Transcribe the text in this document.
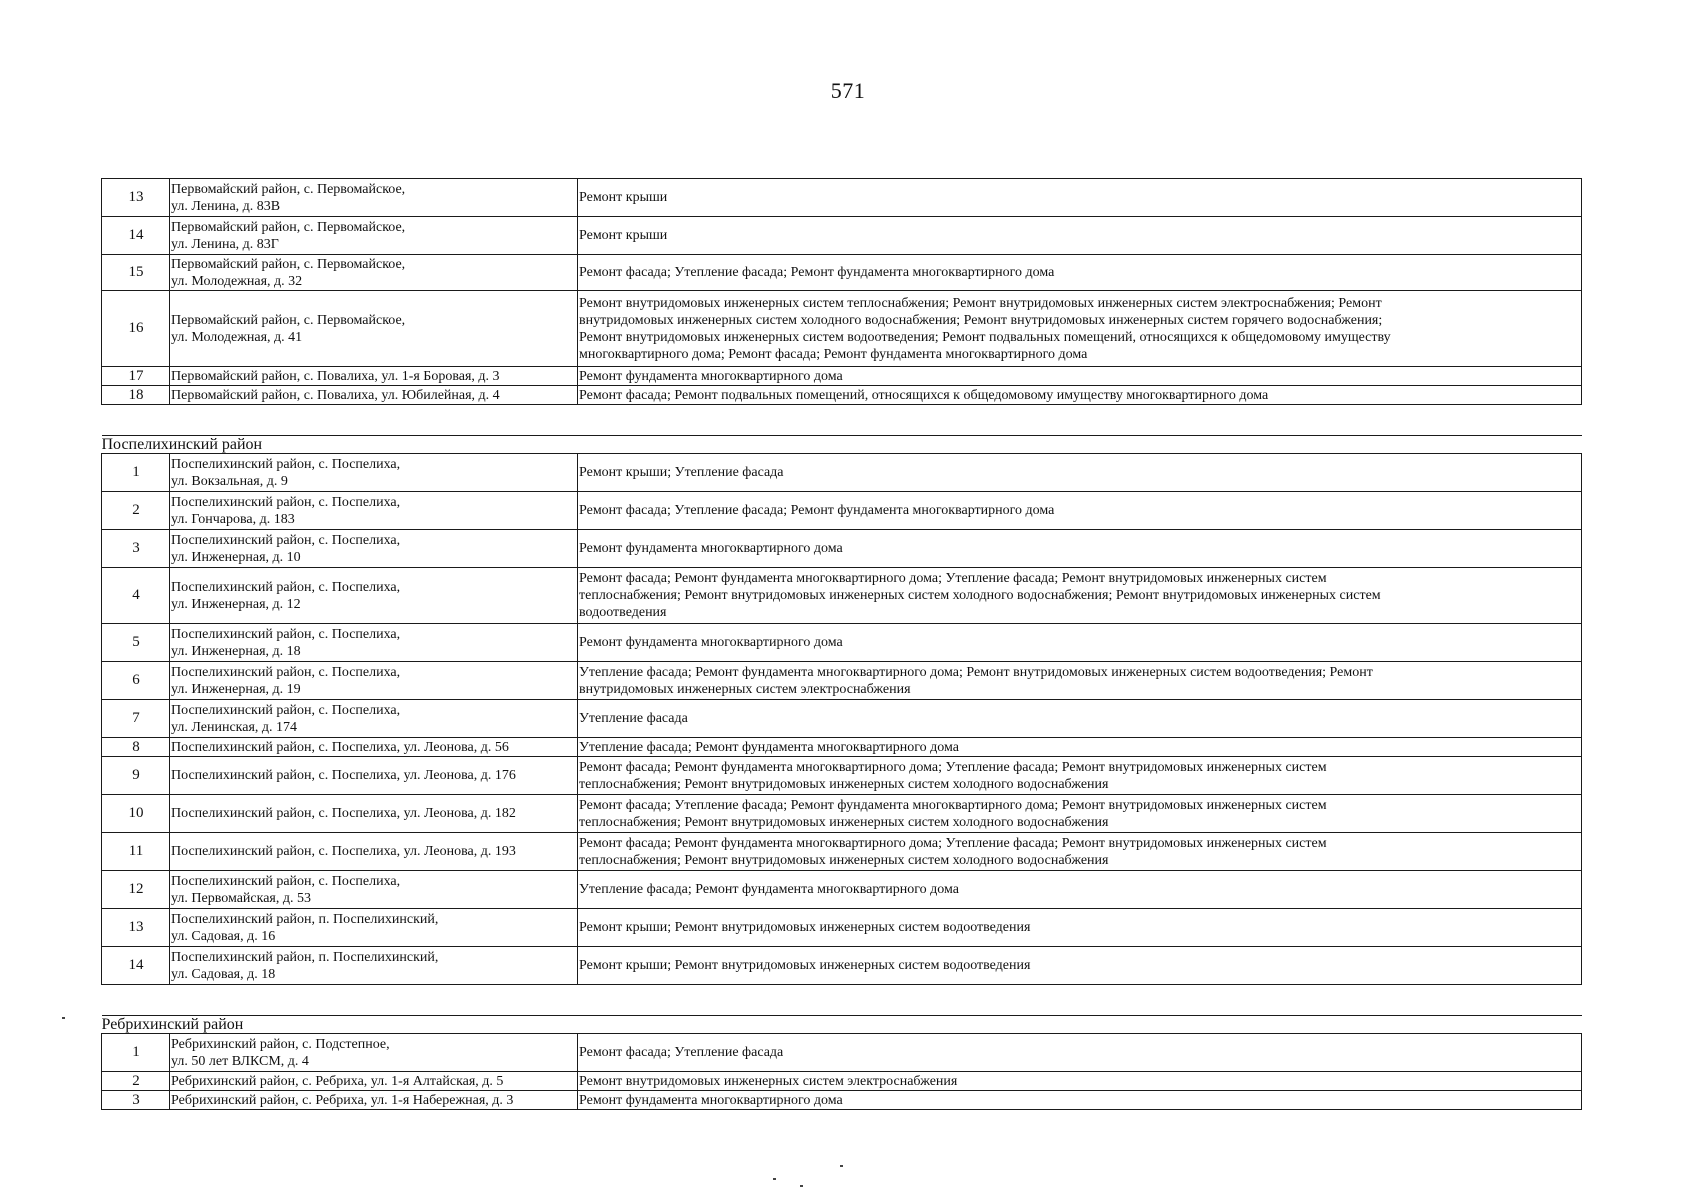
571
13	Первомайский район, с. Первомайское,
ул. Ленина, д. 83В	Ремонт крыши

14	Первомайский район, с. Первомайское,
ул. Ленина, д. 83Г	Ремонт крыши

15	Первомайский район, с. Первомайское,
ул. Молодежная, д. 32	Ремонт фасада; Утепление фасада; Ремонт фундамента многоквартирного дома

16	Первомайский район, с. Первомайское,
ул. Молодежная, д. 41	Ремонт внутридомовых инженерных систем теплоснабжения; Ремонт внутридомовых инженерных систем электроснабжения; Ремонт
внутридомовых инженерных систем холодного водоснабжения; Ремонт внутридомовых инженерных систем горячего водоснабжения;
Ремонт внутридомовых инженерных систем водоотведения; Ремонт подвальных помещений, относящихся к общедомовому имуществу
многоквартирного дома; Ремонт фасада; Ремонт фундамента многоквартирного дома

17	Первомайский район, с. Повалиха, ул. 1-я Боровая, д. 3	Ремонт фундамента многоквартирного дома

18	Первомайский район, с. Повалиха, ул. Юбилейная, д. 4	Ремонт фасада; Ремонт подвальных помещений, относящихся к общедомовому имуществу многоквартирного дома

Поспелихинский район		
1	Поспелихинский район, с. Поспелиха,
ул. Вокзальная, д. 9	Ремонт крыши; Утепление фасада

2	Поспелихинский район, с. Поспелиха,
ул. Гончарова, д. 183	Ремонт фасада; Утепление фасада; Ремонт фундамента многоквартирного дома

3	Поспелихинский район, с. Поспелиха,
ул. Инженерная, д. 10	Ремонт фундамента многоквартирного дома

4	Поспелихинский район, с. Поспелиха,
ул. Инженерная, д. 12	Ремонт фасада; Ремонт фундамента многоквартирного дома; Утепление фасада; Ремонт внутридомовых инженерных систем
теплоснабжения; Ремонт внутридомовых инженерных систем холодного водоснабжения; Ремонт внутридомовых инженерных систем
водоотведения

5	Поспелихинский район, с. Поспелиха,
ул. Инженерная, д. 18	Ремонт фундамента многоквартирного дома

6	Поспелихинский район, с. Поспелиха,
ул. Инженерная, д. 19	Утепление фасада; Ремонт фундамента многоквартирного дома; Ремонт внутридомовых инженерных систем водоотведения; Ремонт
внутридомовых инженерных систем электроснабжения

7	Поспелихинский район, с. Поспелиха,
ул. Ленинская, д. 174	Утепление фасада

8	Поспелихинский район, с. Поспелиха, ул. Леонова, д. 56	Утепление фасада; Ремонт фундамента многоквартирного дома

9	Поспелихинский район, с. Поспелиха, ул. Леонова, д. 176	Ремонт фасада; Ремонт фундамента многоквартирного дома; Утепление фасада; Ремонт внутридомовых инженерных систем
теплоснабжения; Ремонт внутридомовых инженерных систем холодного водоснабжения

10	Поспелихинский район, с. Поспелиха, ул. Леонова, д. 182	Ремонт фасада; Утепление фасада; Ремонт фундамента многоквартирного дома; Ремонт внутридомовых инженерных систем
теплоснабжения; Ремонт внутридомовых инженерных систем холодного водоснабжения

11	Поспелихинский район, с. Поспелиха, ул. Леонова, д. 193	Ремонт фасада; Ремонт фундамента многоквартирного дома; Утепление фасада; Ремонт внутридомовых инженерных систем
теплоснабжения; Ремонт внутридомовых инженерных систем холодного водоснабжения

12	Поспелихинский район, с. Поспелиха,
ул. Первомайская, д. 53	Утепление фасада; Ремонт фундамента многоквартирного дома

13	Поспелихинский район, п. Поспелихинский,
ул. Садовая, д. 16	Ремонт крыши; Ремонт внутридомовых инженерных систем водоотведения

14	Поспелихинский район, п. Поспелихинский,
ул. Садовая, д. 18	Ремонт крыши; Ремонт внутридомовых инженерных систем водоотведения

Ребрихинский район		
1	Ребрихинский район, с. Подстепное,
ул. 50 лет ВЛКСМ, д. 4	Ремонт фасада; Утепление фасада

2	Ребрихинский район, с. Ребриха, ул. 1-я Алтайская, д. 5	Ремонт внутридомовых инженерных систем электроснабжения

3	Ребрихинский район, с. Ребриха, ул. 1-я Набережная, д. 3	Ремонт фундамента многоквартирного дома
